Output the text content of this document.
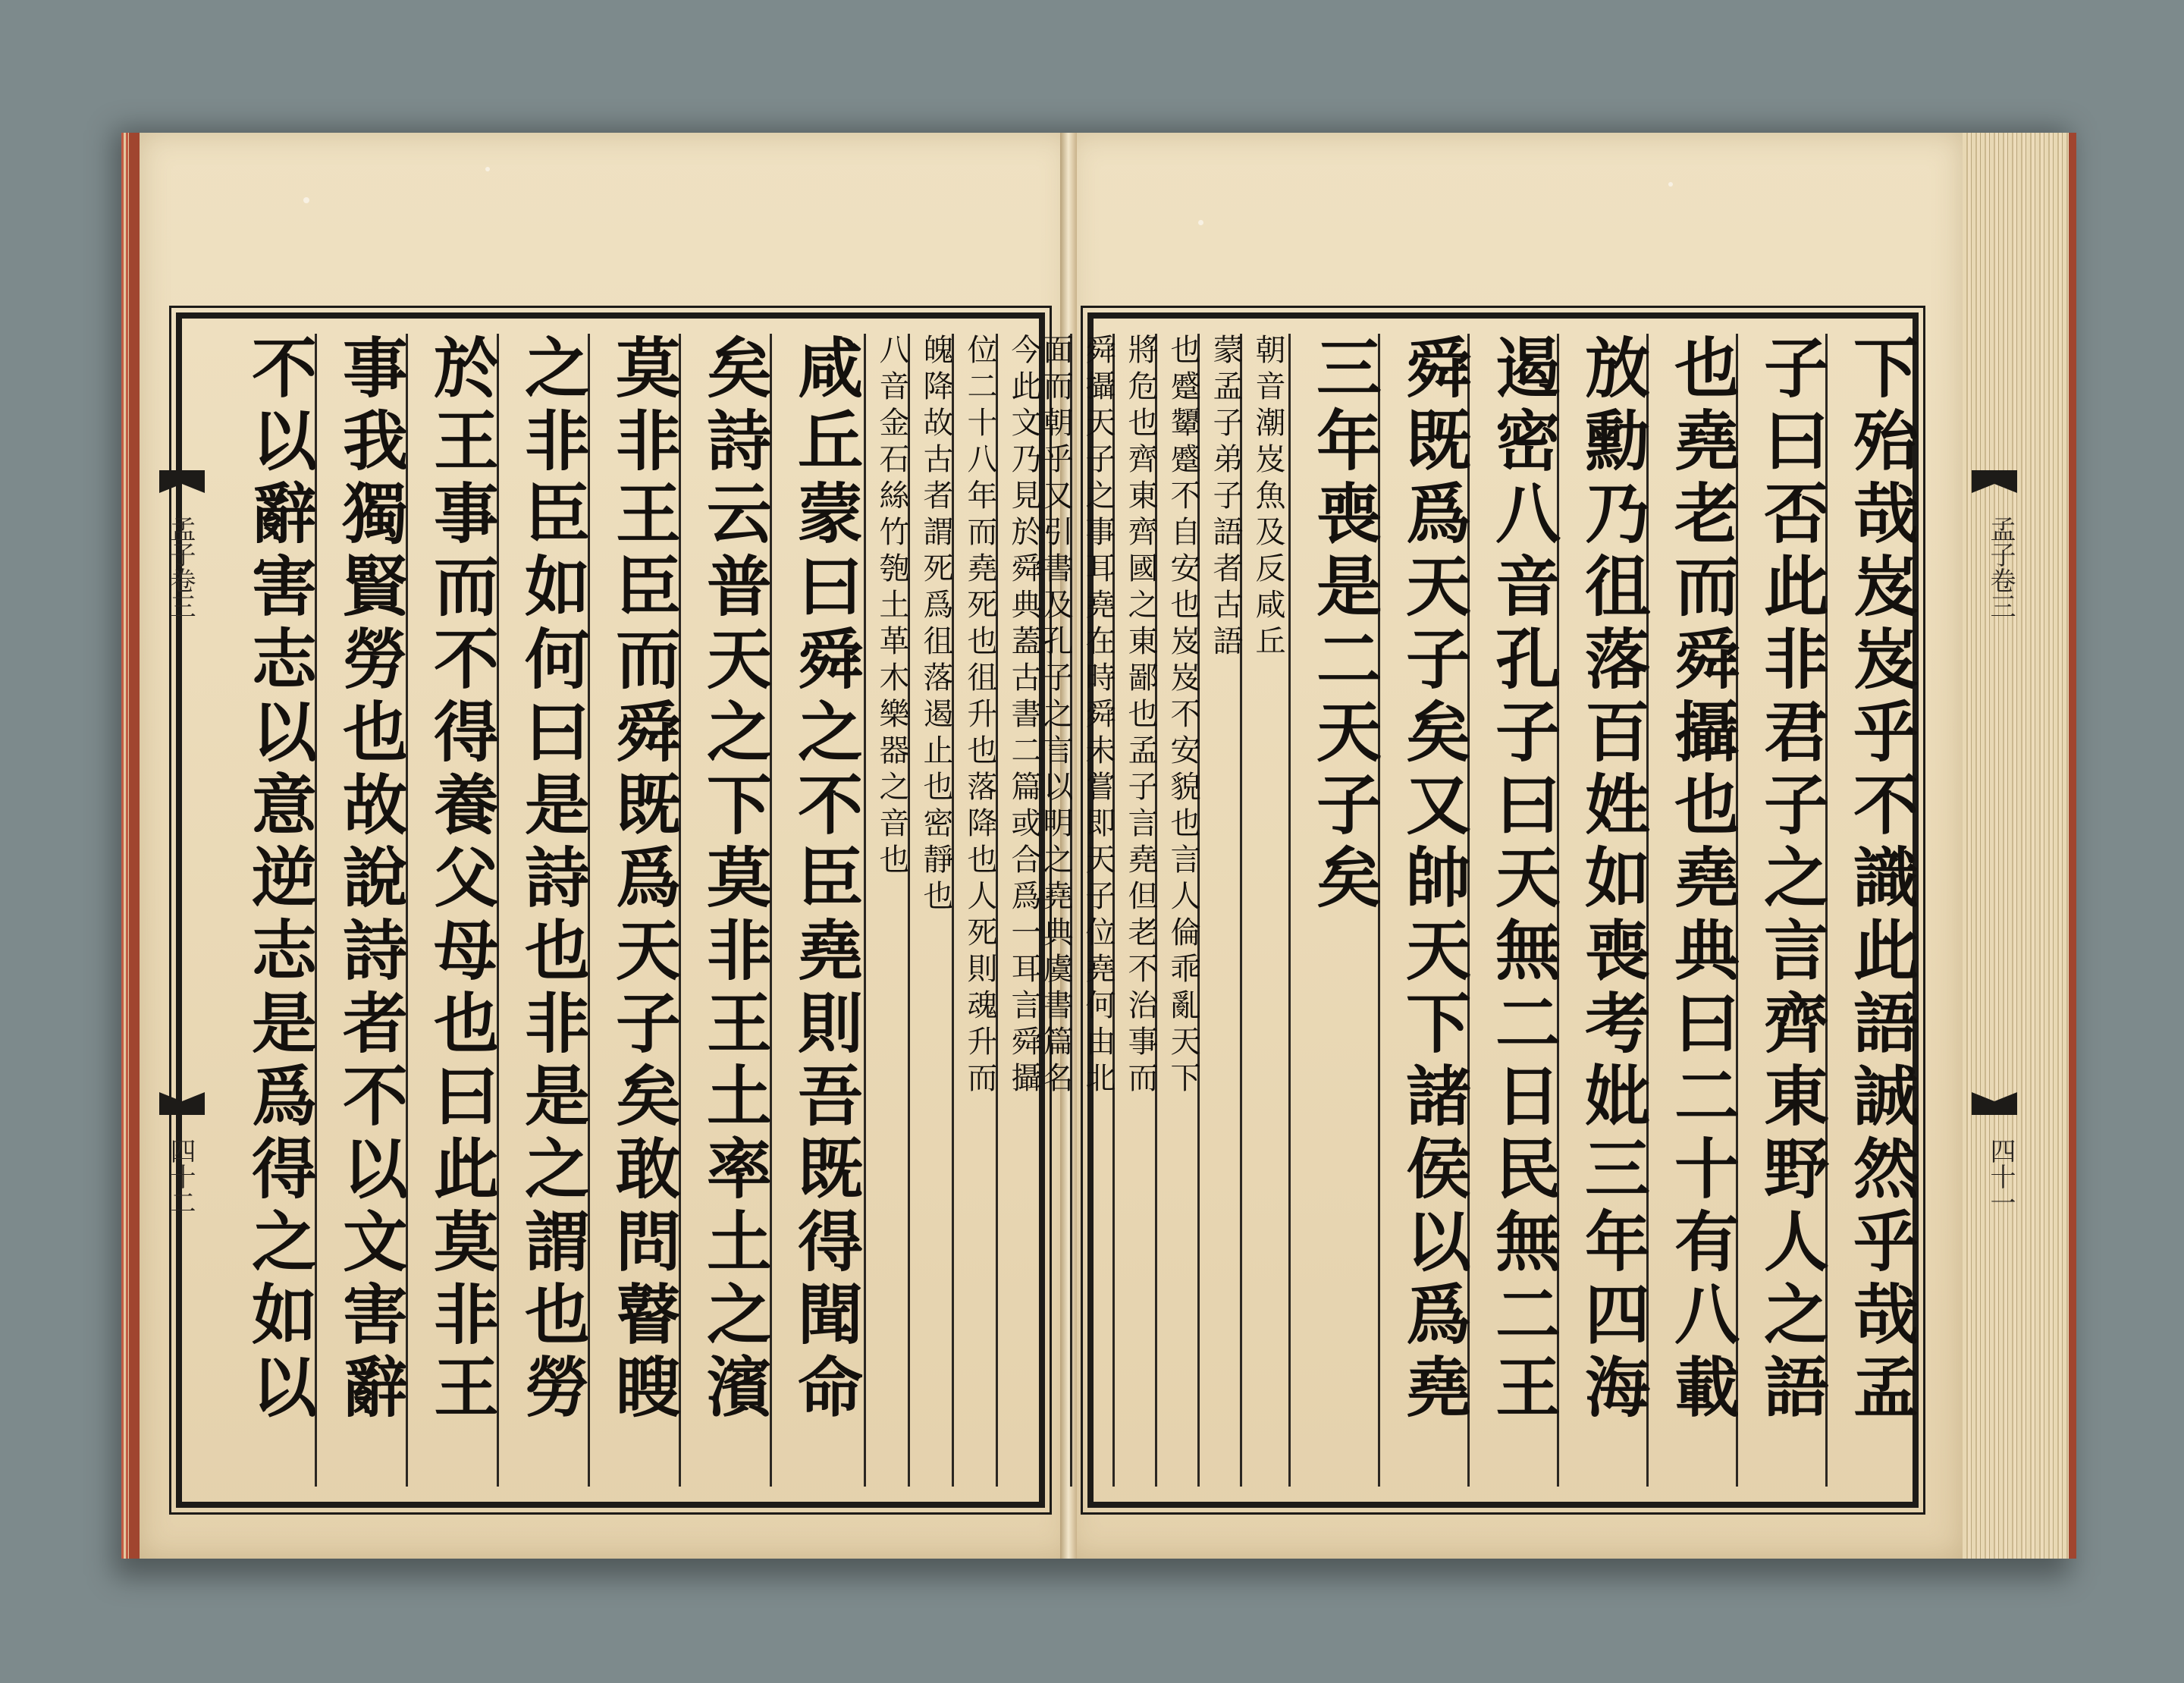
今此文乃見於舜典蓋古書二篇或合爲一耳言舜攝
位二十八年而堯死也徂升也落降也人死則魂升而
魄降故古者謂死爲徂落遏止也密靜也
八音金石絲竹匏土革木樂器之音也
咸丘蒙曰舜之不臣堯則吾既得聞命
矣詩云普天之下莫非王土率土之濱
莫非王臣而舜既爲天子矣敢問瞽瞍
之非臣如何曰是詩也非是之謂也勞
於王事而不得養父母也曰此莫非王
事我獨賢勞也故說詩者不以文害辭
不以辭害志以意逆志是爲得之如以	下殆哉岌岌乎不識此語誠然乎哉孟
子曰否此非君子之言齊東野人之語
也堯老而舜攝也堯典曰二十有八載
放勳乃徂落百姓如喪考妣三年四海
遏密八音孔子曰天無二日民無二王
舜既爲天子矣又帥天下諸侯以爲堯
三年喪是二天子矣
朝音潮岌魚及反咸丘
蒙孟子弟子語者古語
也蹙顰蹙不自安也岌岌不安貌也言人倫乖亂天下
將危也齊東齊國之東鄙也孟子言堯但老不治事而
舜攝天子之事耳堯在時舜未嘗即天子位堯何由北
孟子卷三
四十二
孟子卷三
四十一
